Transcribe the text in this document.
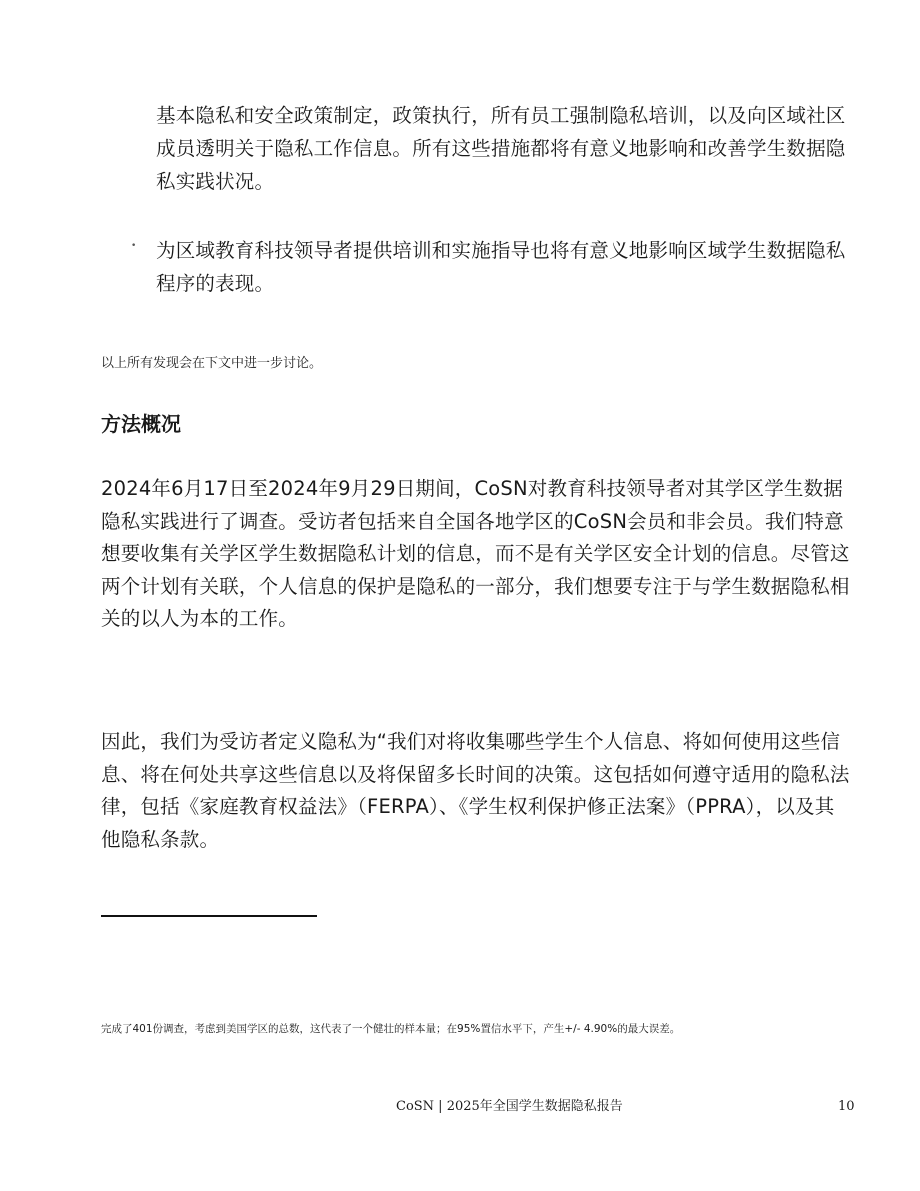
基本隐私和安全政策制定，政策执行，所有员工强制隐私培训，以及向区域社区成员透明关于隐私工作信息。所有这些措施都将有意义地影响和改善学生数据隐私实践状况。

• 为区域教育科技领导者提供培训和实施指导也将有意义地影响区域学生数据隐私程序的表现。

以上所有发现会在下文中进一步讨论。

方法概况

2024年6月17日至2024年9月29日期间，CoSN对教育科技领导者对其学区学生数据隐私实践进行了调查。受访者包括来自全国各地学区的CoSN会员和非会员。我们特意想要收集有关学区学生数据隐私计划的信息，而不是有关学区安全计划的信息。尽管这两个计划有关联，个人信息的保护是隐私的一部分，我们想要专注于与学生数据隐私相关的以人为本的工作。

因此，我们为受访者定义隐私为“我们对将收集哪些学生个人信息、将如何使用这些信息、将在何处共享这些信息以及将保留多长时间的决策。这包括如何遵守适用的隐私法律，包括《家庭教育权益法》（FERPA）、《学生权利保护修正法案》（PPRA），以及其他隐私条款。

完成了401份调查，考虑到美国学区的总数，这代表了一个健壮的样本量；在95%置信水平下，产生+/- 4.90%的最大误差。

CoSN | 2025年全国学生数据隐私报告	10
